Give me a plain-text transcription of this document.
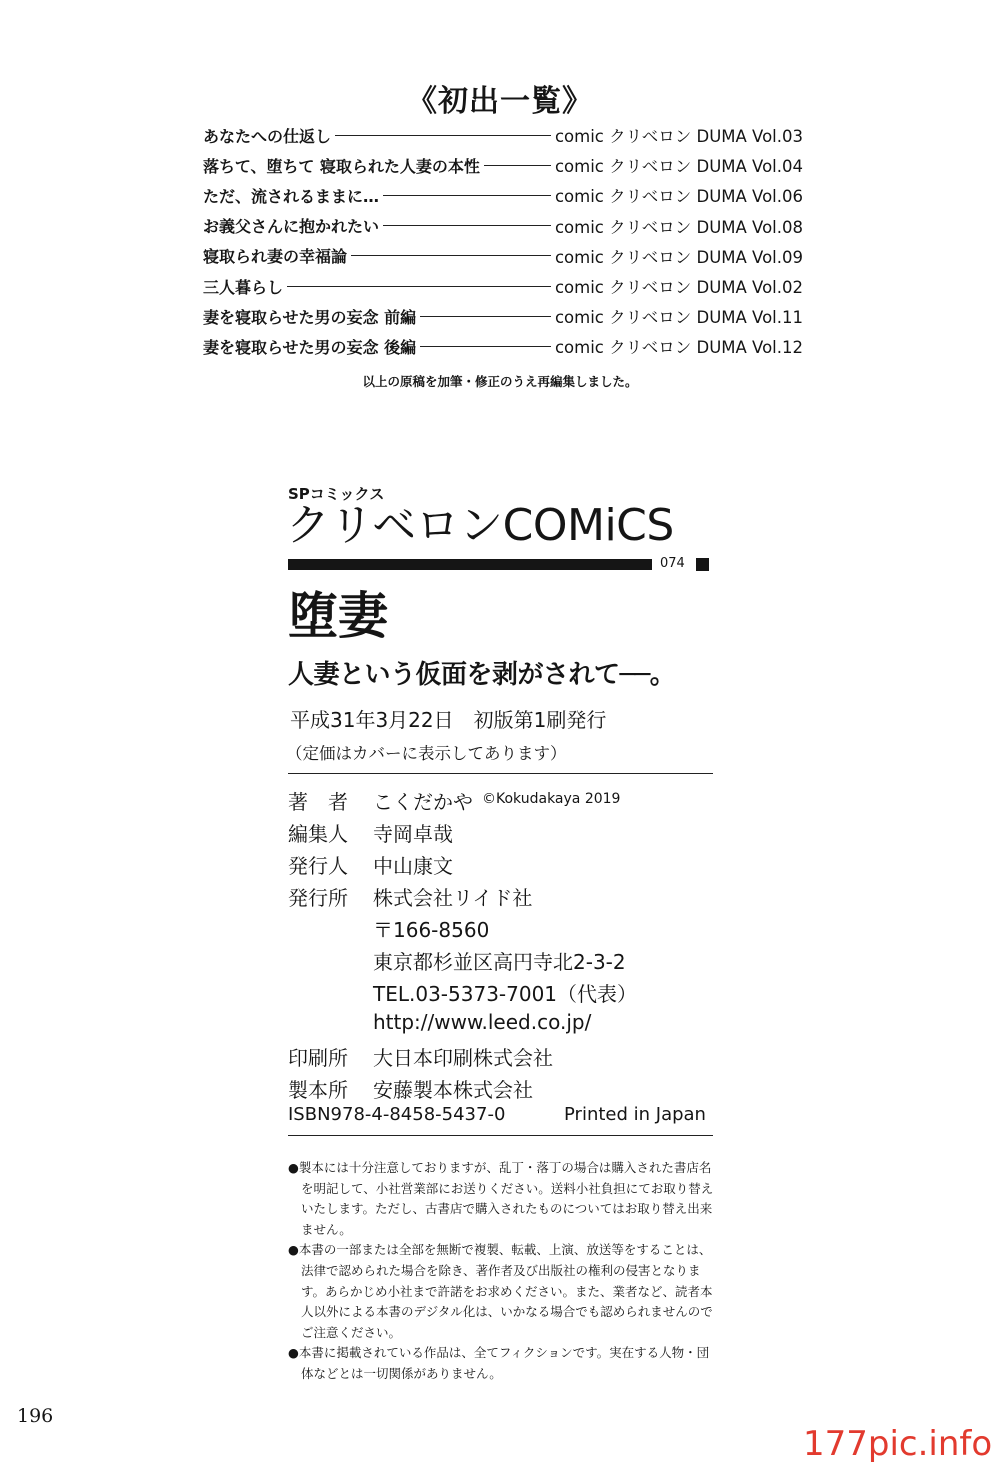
《初出一覧》
あなたへの仕返し	comic クリベロン DUMA Vol.03
落ちて、堕ちて 寝取られた人妻の本性	comic クリベロン DUMA Vol.04
ただ、流されるままに…	comic クリベロン DUMA Vol.06
お義父さんに抱かれたい	comic クリベロン DUMA Vol.08
寝取られ妻の幸福論	comic クリベロン DUMA Vol.09
三人暮らし	comic クリベロン DUMA Vol.02
妻を寝取らせた男の妄念 前編	comic クリベロン DUMA Vol.11
妻を寝取らせた男の妄念 後編	comic クリベロン DUMA Vol.12
以上の原稿を加筆・修正のうえ再編集しました。
SPコミックス
クリベロンCOMiCS
074
堕妻
人妻という仮面を剥がされて──。
平成31年3月22日　初版第1刷発行
（定価はカバーに表示してあります）
著　者 こくだかや ©Kokudakaya 2019
編集人 寺岡卓哉
発行人 中山康文
発行所 株式会社リイド社
〒166-8560
東京都杉並区高円寺北2-3-2
TEL.03-5373-7001（代表）
http://www.leed.co.jp/
印刷所 大日本印刷株式会社
製本所 安藤製本株式会社
ISBN978-4-8458-5437-0	Printed in Japan

●製本には十分注意しておりますが、乱丁・落丁の場合は購入された書店名を明記して、小社営業部にお送りください。送料小社負担にてお取り替えいたします。ただし、古書店で購入されたものについてはお取り替え出来ません。

●本書の一部または全部を無断で複製、転載、上演、放送等をすることは、法律で認められた場合を除き、著作者及び出版社の権利の侵害となります。あらかじめ小社まで許諾をお求めください。また、業者など、読者本人以外による本書のデジタル化は、いかなる場合でも認められませんのでご注意ください。

●本書に掲載されている作品は、全てフィクションです。実在する人物・団体などとは一切関係がありません。

196
177pic.info
